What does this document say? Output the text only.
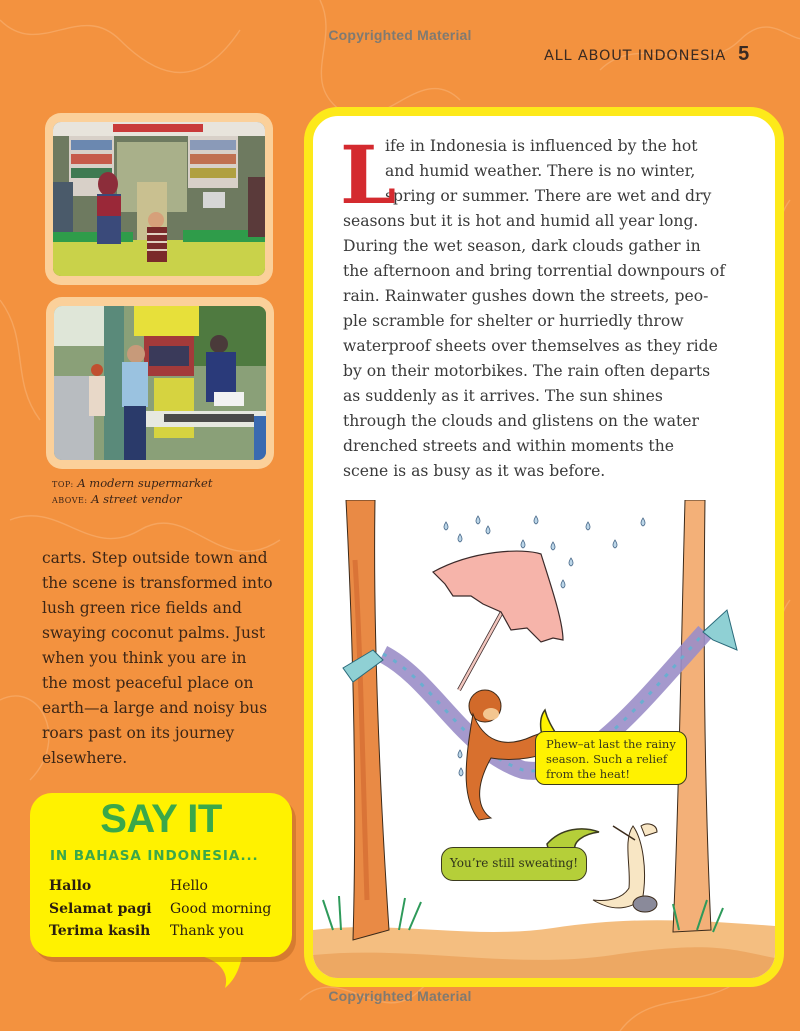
Copyrighted Material
ALL ABOUT INDONESIA 5
TOP: A modern supermarket
ABOVE: A street vendor
carts. Step outside town and
the scene is transformed into
lush green rice fields and
swaying coconut palms. Just
when you think you are in
the most peaceful place on
earth—a large and noisy bus
roars past on its journey
elsewhere.
SAY IT
IN BAHASA INDONESIA...
Hallo	Hello
Selamat pagi	Good morning
Terima kasih	Thank you
L
ife in Indonesia is influenced by the hot
and humid weather. There is no winter,
spring or summer. There are wet and dry
seasons but it is hot and humid all year long.
During the wet season, dark clouds gather in
the afternoon and bring torrential downpours of
rain. Rainwater gushes down the streets, peo-
ple scramble for shelter or hurriedly throw
waterproof sheets over themselves as they ride
by on their motorbikes. The rain often departs
as suddenly as it arrives. The sun shines
through the clouds and glistens on the water
drenched streets and within moments the
scene is as busy as it was before.
Phew–at last the rainy
season. Such a relief
from the heat!
You’re still sweating!
Copyrighted Material
